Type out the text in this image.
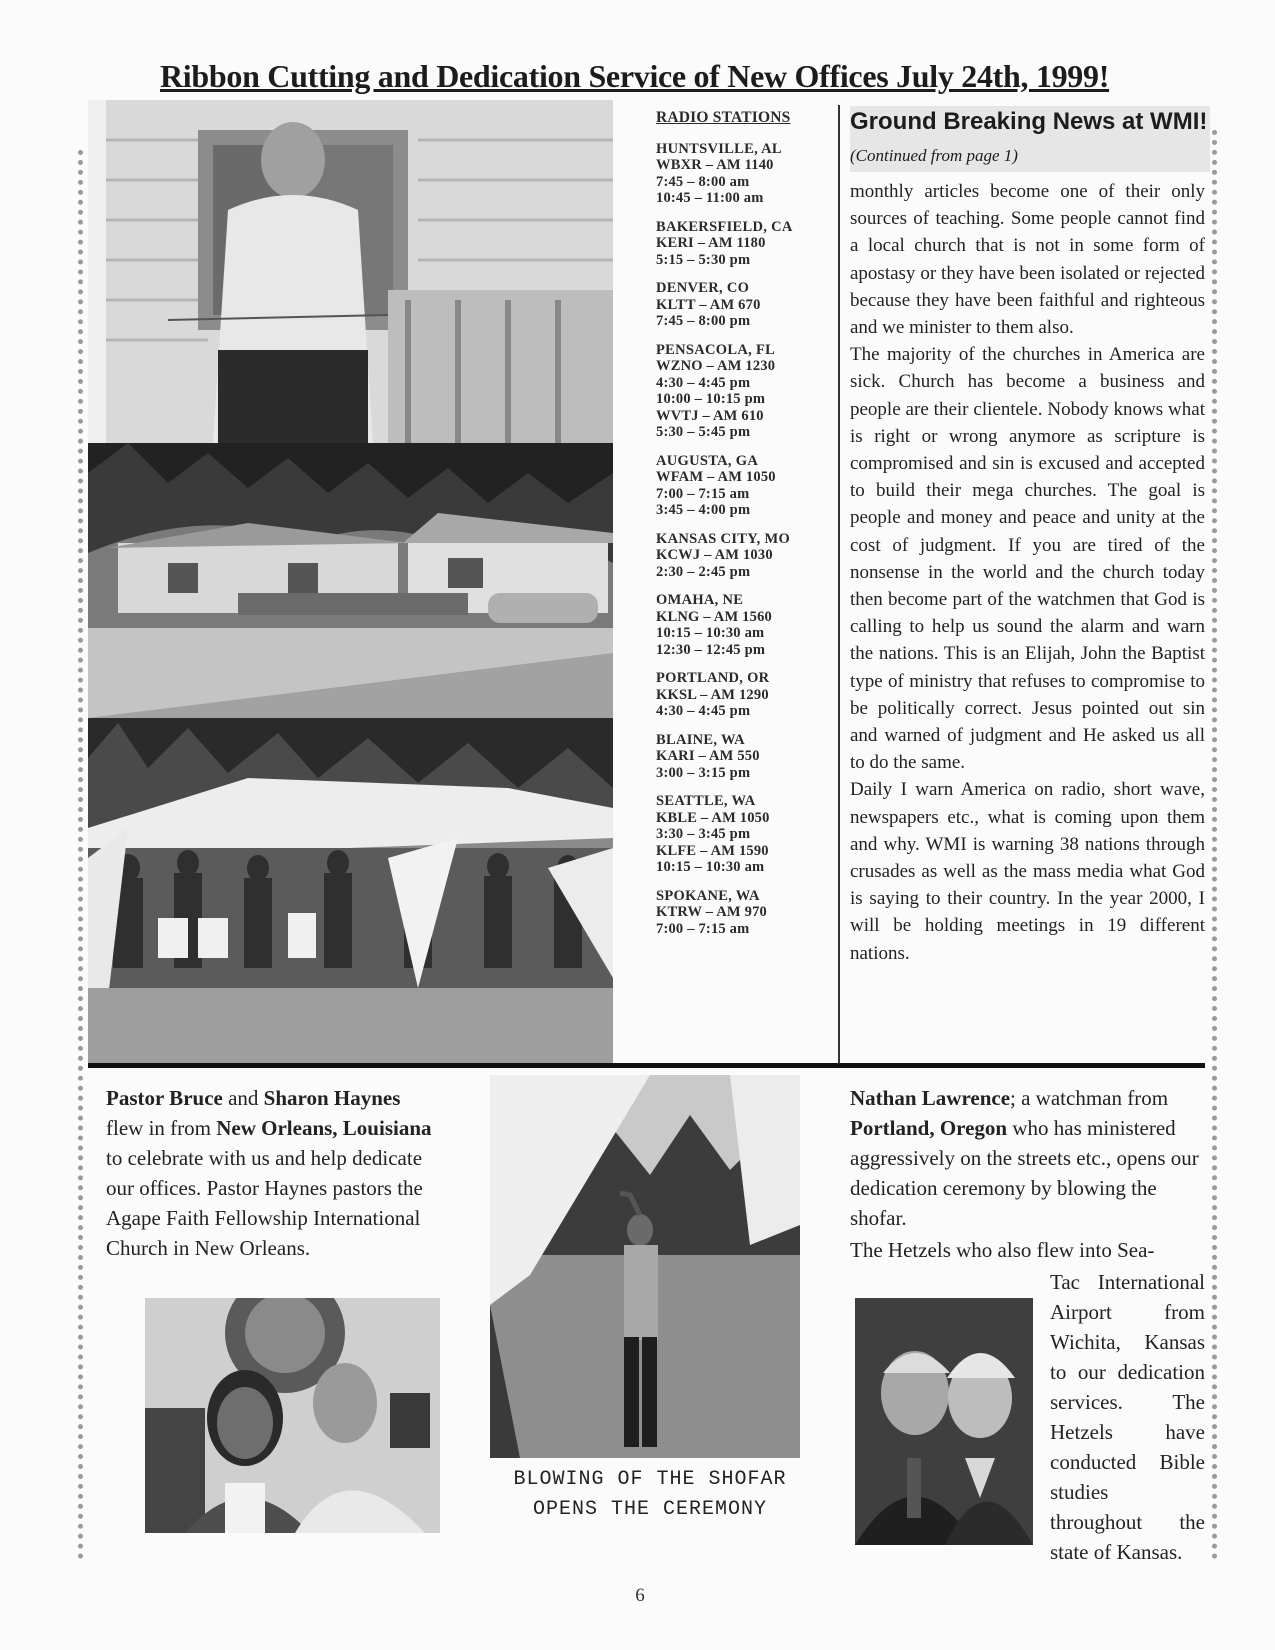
Ribbon Cutting and Dedication Service of New Offices July 24th, 1999!
RADIO STATIONS
HUNTSVILLE, AL
WBXR – AM 1140
7:45 – 8:00 am
10:45 – 11:00 am
BAKERSFIELD, CA
KERI – AM 1180
5:15 – 5:30 pm
DENVER, CO
KLTT – AM 670
7:45 – 8:00 pm
PENSACOLA, FL
WZNO – AM 1230
4:30 – 4:45 pm
10:00 – 10:15 pm
WVTJ – AM 610
5:30 – 5:45 pm
AUGUSTA, GA
WFAM – AM 1050
7:00 – 7:15 am
3:45 – 4:00 pm
KANSAS CITY, MO
KCWJ – AM 1030
2:30 – 2:45 pm
OMAHA, NE
KLNG – AM 1560
10:15 – 10:30 am
12:30 – 12:45 pm
PORTLAND, OR
KKSL – AM 1290
4:30 – 4:45 pm
BLAINE, WA
KARI – AM 550
3:00 – 3:15 pm
SEATTLE, WA
KBLE – AM 1050
3:30 – 3:45 pm
KLFE – AM 1590
10:15 – 10:30 am
SPOKANE, WA
KTRW – AM 970
7:00 – 7:15 am
Ground Breaking News at WMI! (Continued from page 1)

monthly articles become one of their only sources of teaching. Some people cannot find a local church that is not in some form of apostasy or they have been isolated or rejected because they have been faithful and righteous and we minister to them also.

The majority of the churches in America are sick. Church has become a business and people are their clientele. Nobody knows what is right or wrong anymore as scripture is compromised and sin is excused and accepted to build their mega churches. The goal is people and money and peace and unity at the cost of judgment. If you are tired of the nonsense in the world and the church today then become part of the watchmen that God is calling to help us sound the alarm and warn the nations. This is an Elijah, John the Baptist type of ministry that refuses to compromise to be politically correct. Jesus pointed out sin and warned of judgment and He asked us all to do the same.

Daily I warn America on radio, short wave, newspapers etc., what is coming upon them and why. WMI is warning 38 nations through crusades as well as the mass media what God is saying to their country. In the year 2000, I will be holding meetings in 19 different nations.

Pastor Bruce and Sharon Haynes flew in from New Orleans, Louisiana to celebrate with us and help dedicate our offices. Pastor Haynes pastors the Agape Faith Fellowship International Church in New Orleans.
BLOWING OF THE SHOFAR
OPENS THE CEREMONY
Nathan Lawrence; a watchman from Portland, Oregon who has ministered aggressively on the streets etc., opens our dedication ceremony by blowing the shofar.
The Hetzels who also flew into Sea-
Tac International Airport from Wichita, Kansas to our dedication services. The Hetzels have conducted Bible studies throughout the state of Kansas.
6
